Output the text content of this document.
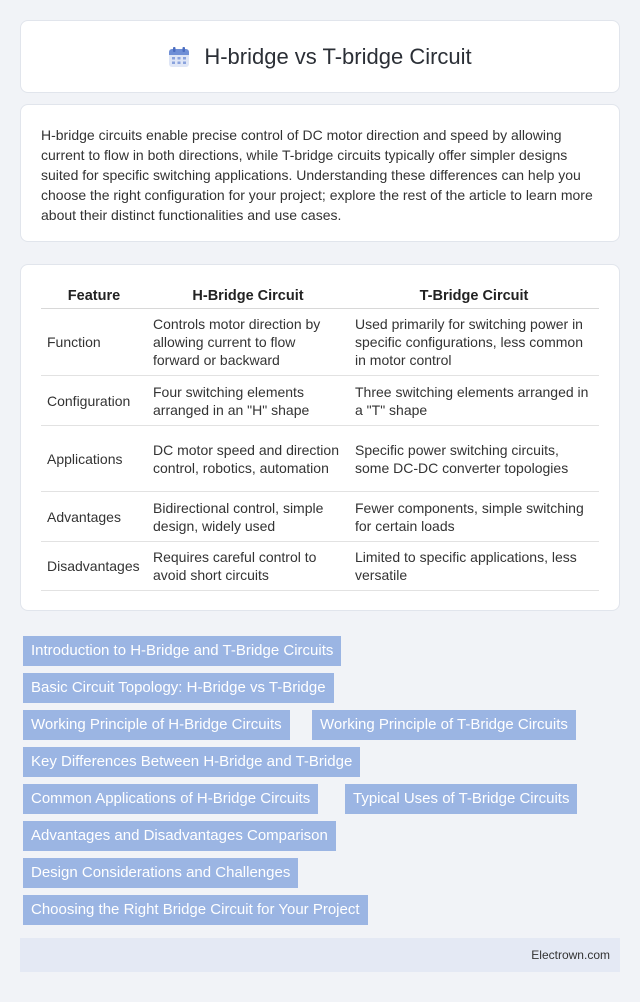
H-bridge vs T-bridge Circuit

H-bridge circuits enable precise control of DC motor direction and speed by allowing current to flow in both directions, while T-bridge circuits typically offer simpler designs suited for specific switching applications. Understanding these differences can help you choose the right configuration for your project; explore the rest of the article to learn more about their distinct functionalities and use cases.

Feature	H-Bridge Circuit	T-Bridge Circuit
Function	Controls motor direction by allowing current to flow forward or backward	Used primarily for switching power in specific configurations, less common in motor control
Configuration	Four switching elements arranged in an "H" shape	Three switching elements arranged in a "T" shape
Applications	DC motor speed and direction control, robotics, automation	Specific power switching circuits, some DC-DC converter topologies
Advantages	Bidirectional control, simple design, widely used	Fewer components, simple switching for certain loads
Disadvantages	Requires careful control to avoid short circuits	Limited to specific applications, less versatile
Introduction to H-Bridge and T-Bridge Circuits
Basic Circuit Topology: H-Bridge vs T-Bridge
Working Principle of H-Bridge Circuits	Working Principle of T-Bridge Circuits
Key Differences Between H-Bridge and T-Bridge
Common Applications of H-Bridge Circuits	Typical Uses of T-Bridge Circuits
Advantages and Disadvantages Comparison
Design Considerations and Challenges
Choosing the Right Bridge Circuit for Your Project
Electrown.com
